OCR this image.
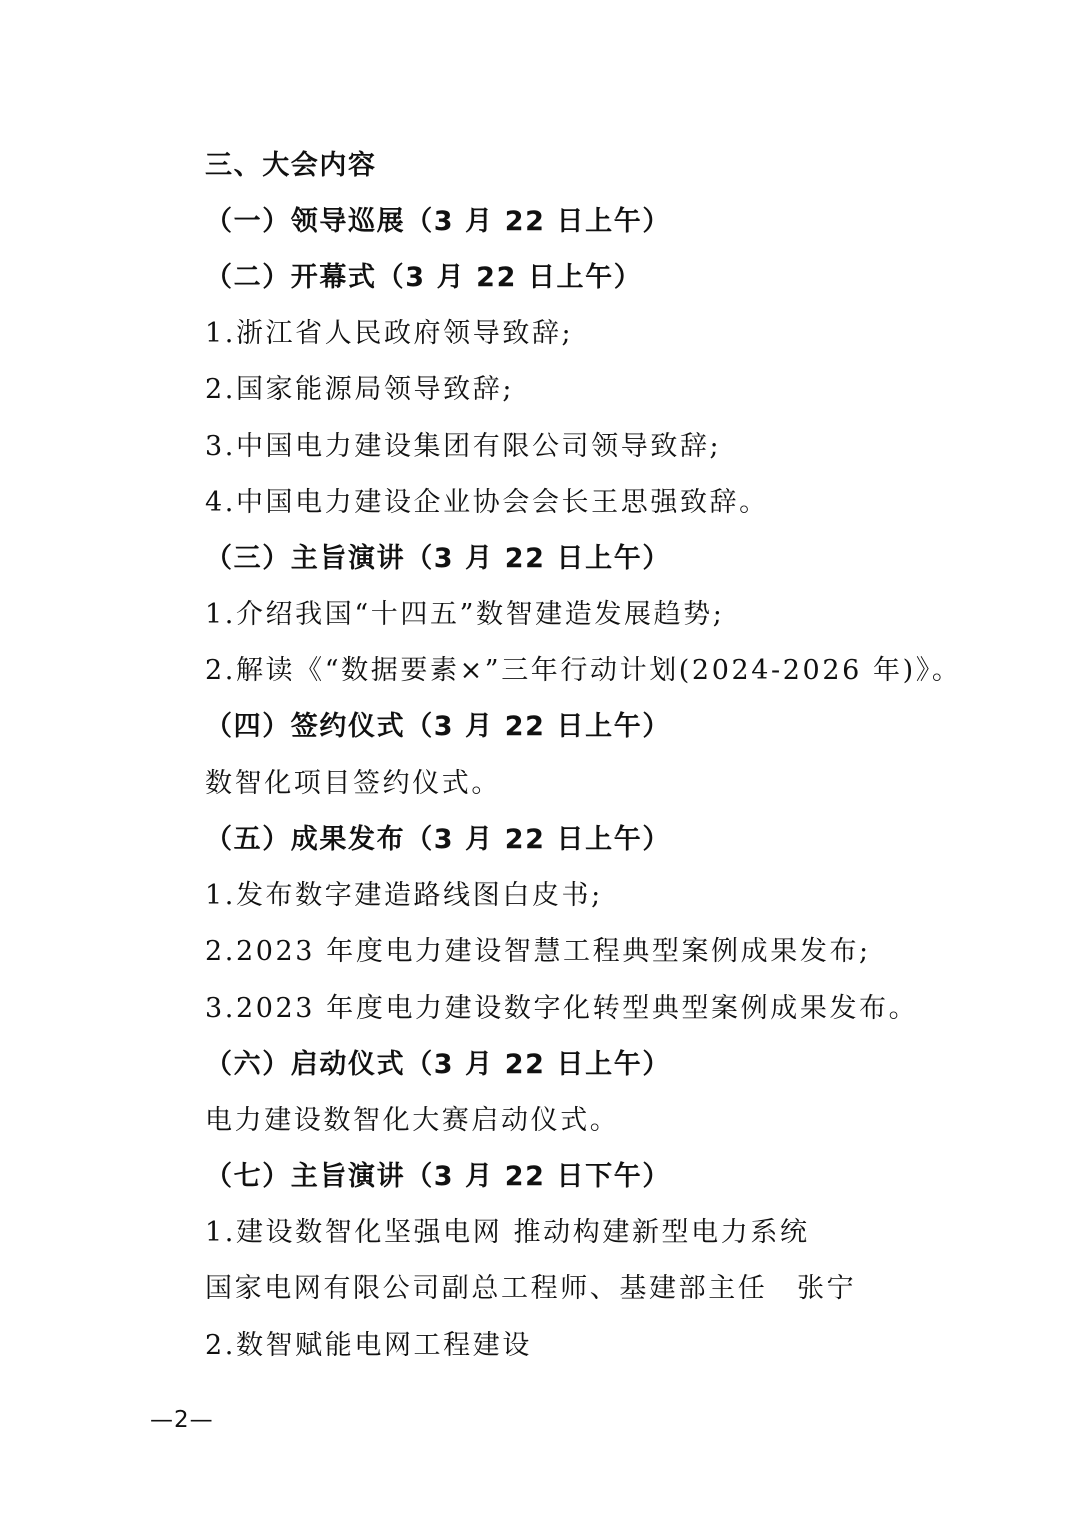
三、大会内容
（一）领导巡展（3 月 22 日上午）
（二）开幕式（3 月 22 日上午）
1.浙江省人民政府领导致辞;
2.国家能源局领导致辞;
3.中国电力建设集团有限公司领导致辞;
4.中国电力建设企业协会会长王思强致辞。
（三）主旨演讲（3 月 22 日上午）
1.介绍我国“十四五”数智建造发展趋势;
2.解读《“数据要素×”三年行动计划(2024-2026 年)》。
（四）签约仪式（3 月 22 日上午）
数智化项目签约仪式。
（五）成果发布（3 月 22 日上午）
1.发布数字建造路线图白皮书;
2.2023 年度电力建设智慧工程典型案例成果发布;
3.2023 年度电力建设数字化转型典型案例成果发布。
（六）启动仪式（3 月 22 日上午）
电力建设数智化大赛启动仪式。
（七）主旨演讲（3 月 22 日下午）
1.建设数智化坚强电网 推动构建新型电力系统
国家电网有限公司副总工程师、基建部主任　张宁
2.数智赋能电网工程建设
—2—
